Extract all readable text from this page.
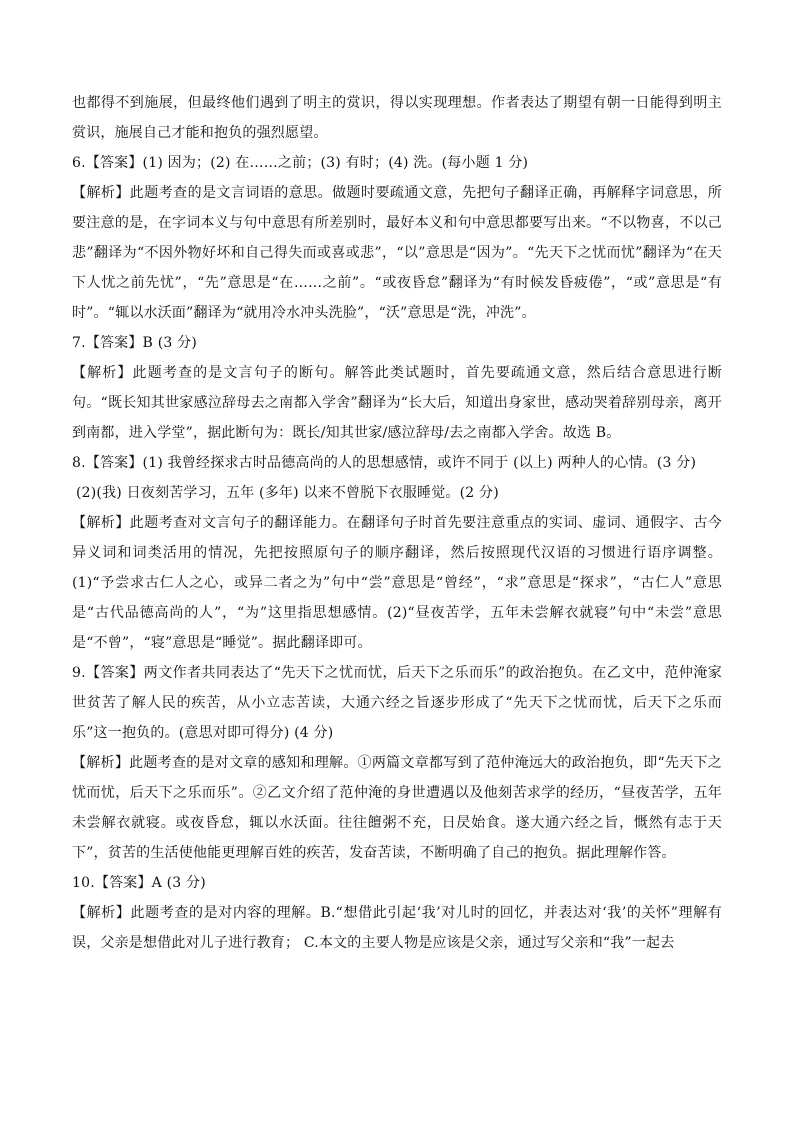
也都得不到施展，但最终他们遇到了明主的赏识，得以实现理想。作者表达了期望有朝一日能得到明主赏识，施展自己才能和抱负的强烈愿望。

6.【答案】(1) 因为；(2) 在……之前；(3) 有时；(4) 洗。(每小题 1 分)

【解析】此题考查的是文言词语的意思。做题时要疏通文意，先把句子翻译正确，再解释字词意思，所要注意的是，在字词本义与句中意思有所差别时，最好本义和句中意思都要写出来。“不以物喜，不以己悲”翻译为“不因外物好坏和自己得失而或喜或悲”，“以”意思是“因为”。“先天下之忧而忧”翻译为“在天下人忧之前先忧”，“先”意思是“在……之前”。“或夜昏怠”翻译为“有时候发昏疲倦”，“或”意思是“有时”。“辄以水沃面”翻译为“就用冷水冲头洗脸”，“沃”意思是“洗，冲洗”。

7.【答案】B (3 分)

【解析】此题考查的是文言句子的断句。解答此类试题时，首先要疏通文意，然后结合意思进行断句。“既长知其世家感泣辞母去之南都入学舍”翻译为“长大后，知道出身家世，感动哭着辞别母亲，离开到南都，进入学堂”，据此断句为：既长/知其世家/感泣辞母/去之南都入学舍。故选 B。

8.【答案】(1) 我曾经探求古时品德高尚的人的思想感情，或许不同于 (以上) 两种人的心情。(3 分)

(2)(我) 日夜刻苦学习，五年 (多年) 以来不曾脱下衣服睡觉。(2 分)

【解析】此题考查对文言句子的翻译能力。在翻译句子时首先要注意重点的实词、虚词、通假字、古今异义词和词类活用的情况，先把按照原句子的顺序翻译，然后按照现代汉语的习惯进行语序调整。(1)“予尝求古仁人之心，或异二者之为”句中“尝”意思是“曾经”，“求”意思是“探求”，“古仁人”意思是“古代品德高尚的人”，“为”这里指思想感情。(2)“昼夜苦学，五年未尝解衣就寝”句中“未尝”意思是“不曾”，“寝”意思是“睡觉”。据此翻译即可。

9.【答案】两文作者共同表达了“先天下之忧而忧，后天下之乐而乐”的政治抱负。在乙文中，范仲淹家世贫苦了解人民的疾苦，从小立志苦读，大通六经之旨逐步形成了“先天下之忧而忧，后天下之乐而乐”这一抱负的。(意思对即可得分) (4 分)

【解析】此题考查的是对文章的感知和理解。①两篇文章都写到了范仲淹远大的政治抱负，即“先天下之忧而忧，后天下之乐而乐”。②乙文介绍了范仲淹的身世遭遇以及他刻苦求学的经历，“昼夜苦学，五年未尝解衣就寝。或夜昏怠，辄以水沃面。往往饘粥不充，日昃始食。遂大通六经之旨，慨然有志于天下”，贫苦的生活使他能更理解百姓的疾苦，发奋苦读，不断明确了自己的抱负。据此理解作答。

10.【答案】A (3 分)

【解析】此题考查的是对内容的理解。B.“想借此引起‘我’对儿时的回忆，并表达对‘我’的关怀”理解有误，父亲是想借此对儿子进行教育； C.本文的主要人物是应该是父亲，通过写父亲和“我”一起去
